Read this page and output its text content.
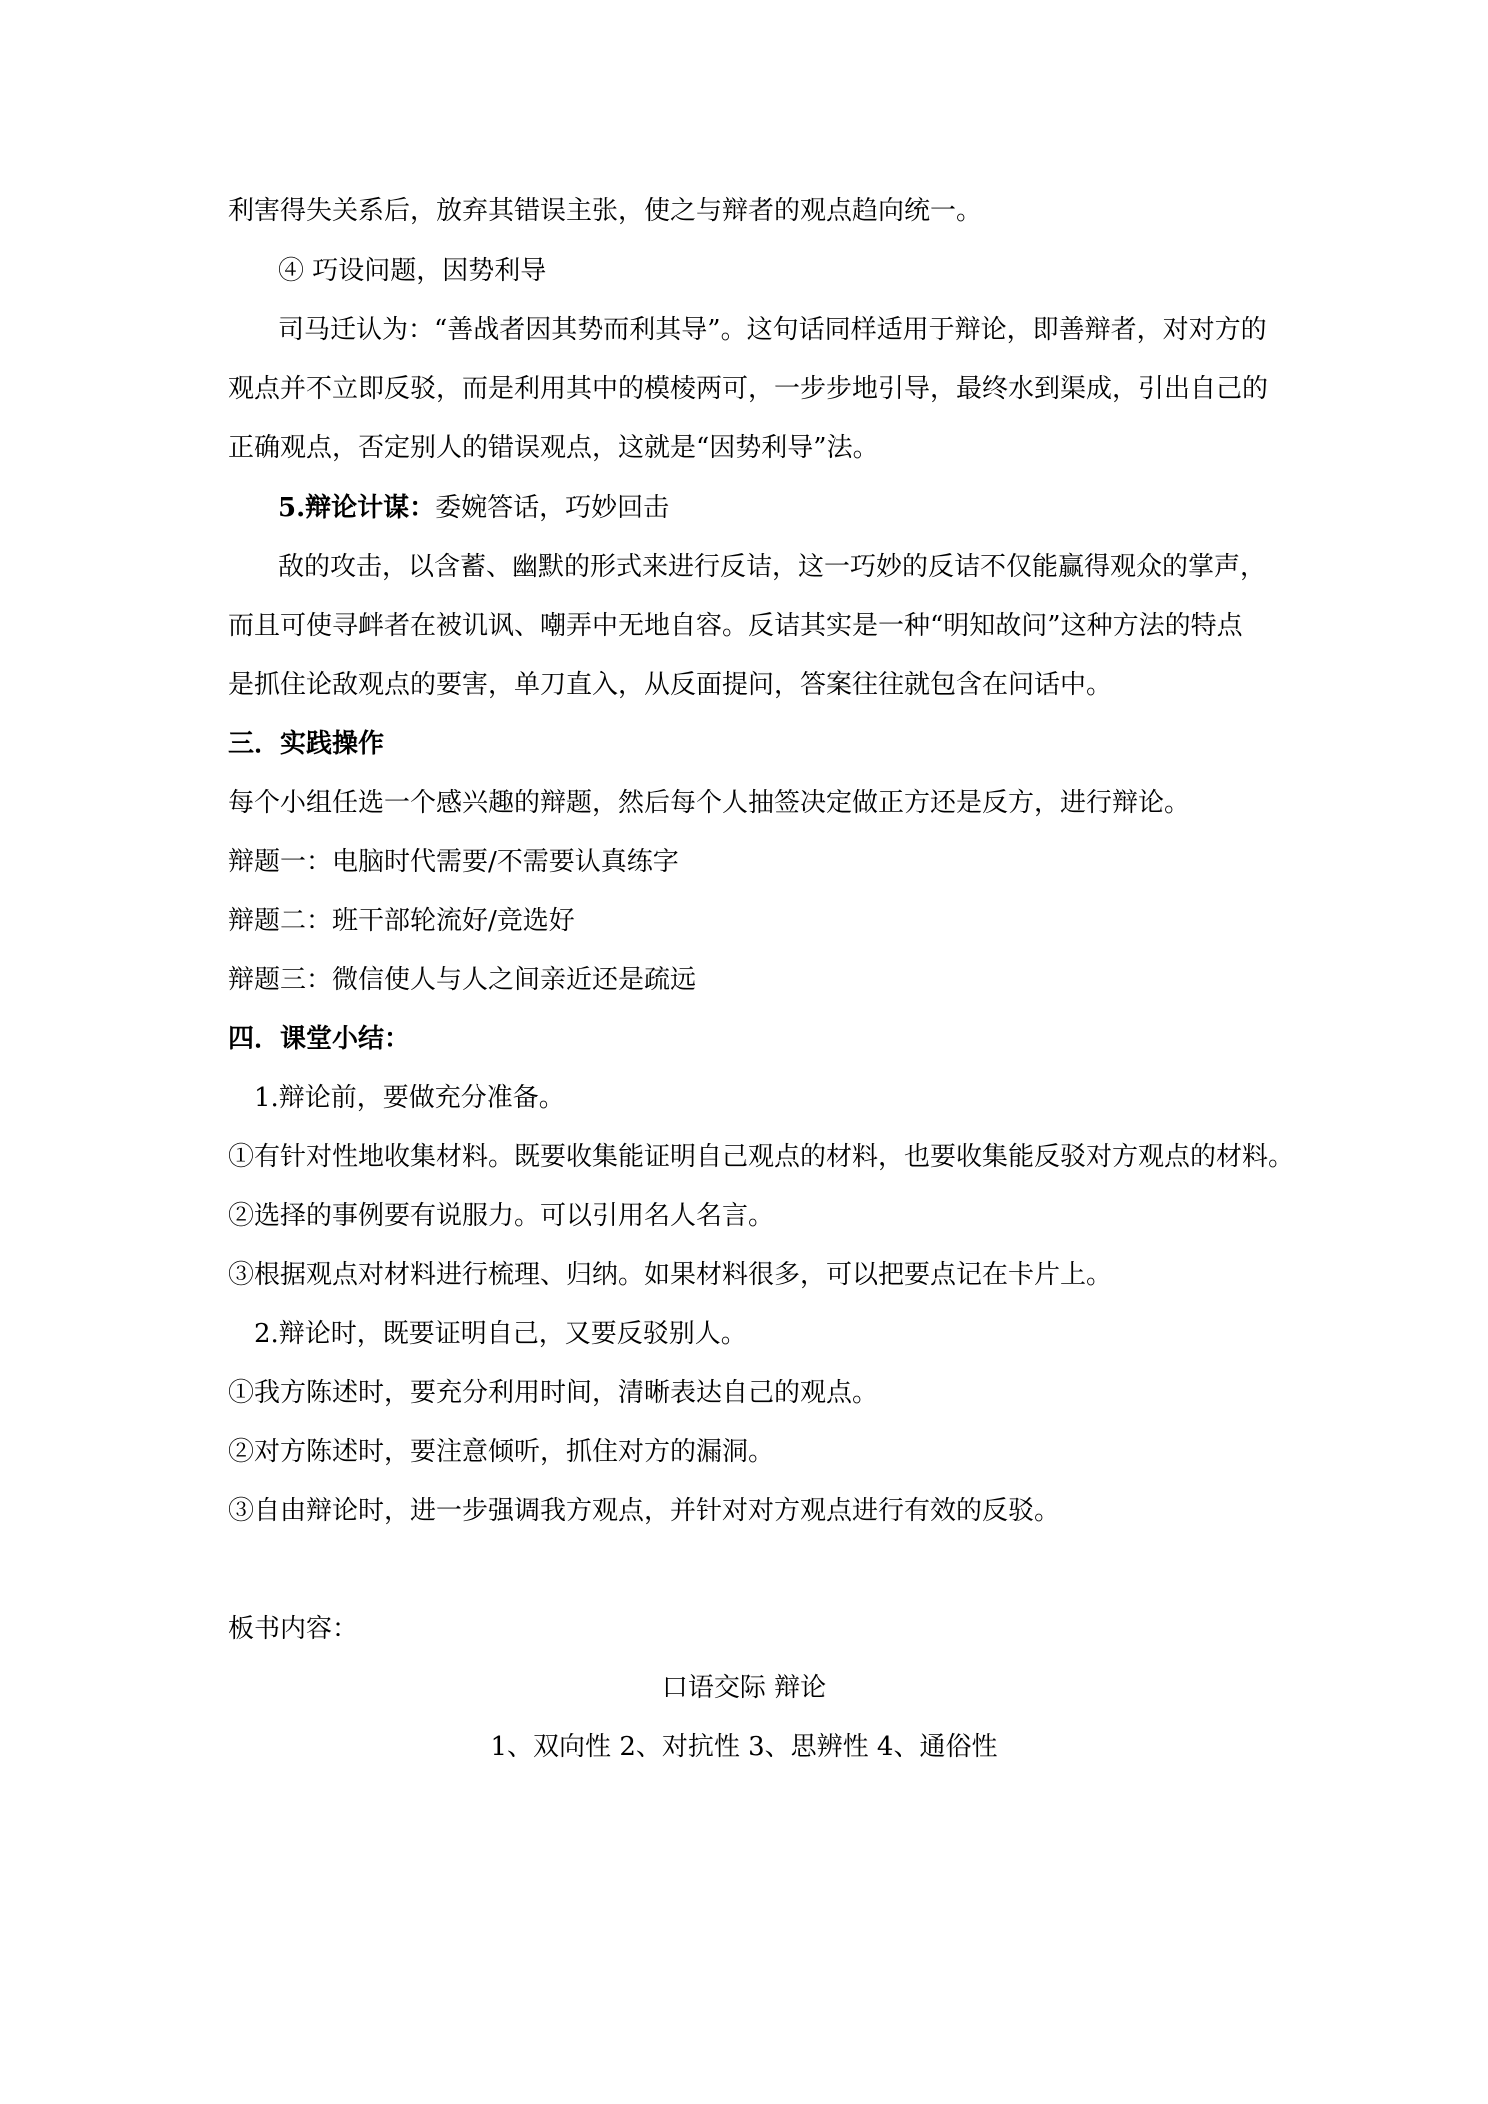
利害得失关系后，放弃其错误主张，使之与辩者的观点趋向统一。
④ 巧设问题，因势利导
司马迁认为：“善战者因其势而利其导”。这句话同样适用于辩论，即善辩者，对对方的
观点并不立即反驳，而是利用其中的模棱两可，一步步地引导，最终水到渠成，引出自己的
正确观点，否定别人的错误观点，这就是“因势利导”法。
5.辩论计谋：委婉答话，巧妙回击
敌的攻击，以含蓄、幽默的形式来进行反诘，这一巧妙的反诘不仅能赢得观众的掌声，
而且可使寻衅者在被讥讽、嘲弄中无地自容。反诘其实是一种“明知故问”这种方法的特点
是抓住论敌观点的要害，单刀直入，从反面提问，答案往往就包含在问话中。
三．实践操作
每个小组任选一个感兴趣的辩题，然后每个人抽签决定做正方还是反方，进行辩论。
辩题一：电脑时代需要/不需要认真练字
辩题二：班干部轮流好/竞选好
辩题三：微信使人与人之间亲近还是疏远
四．课堂小结：
1.辩论前，要做充分准备。
①有针对性地收集材料。既要收集能证明自己观点的材料，也要收集能反驳对方观点的材料。
②选择的事例要有说服力。可以引用名人名言。
③根据观点对材料进行梳理、归纳。如果材料很多，可以把要点记在卡片上。
2.辩论时，既要证明自己，又要反驳别人。
①我方陈述时，要充分利用时间，清晰表达自己的观点。
②对方陈述时，要注意倾听，抓住对方的漏洞。
③自由辩论时，进一步强调我方观点，并针对对方观点进行有效的反驳。
板书内容：
口语交际 辩论
1、双向性 2、对抗性 3、思辨性 4、通俗性
